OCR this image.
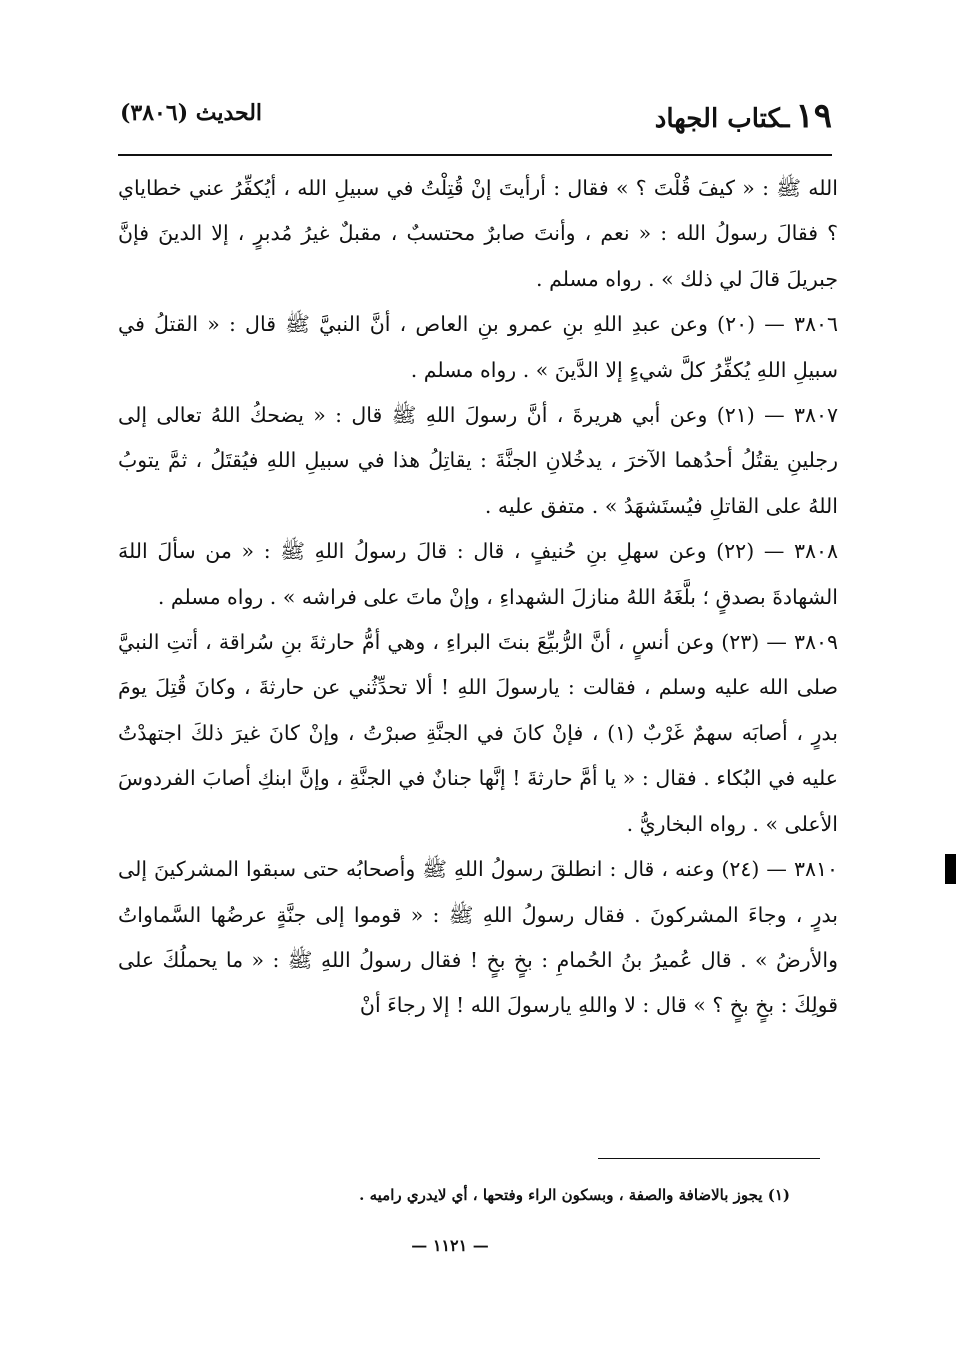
١٩ـكتاب الجهاد
الحديث (٣٨٠٦)

الله ﷺ : « كيفَ قُلْتَ ؟ » فقال : أرأيتَ إنْ قُتِلْتُ في سبيلِ الله ، أيُكفِّرُ عني خطاياي ؟ فقالَ رسولُ الله : « نعم ، وأنتَ صابرٌ محتسبٌ ، مقبلٌ غيرُ مُدبرٍ ، إلا الدينَ فإنَّ جبريلَ قالَ لي ذلك » . رواه مسلم .

٣٨٠٦ — (٢٠) وعن عبدِ اللهِ بنِ عمرو بنِ العاص ، أنَّ النبيَّ ﷺ قال : « القتلُ في سبيلِ اللهِ يُكفِّرُ كلَّ شيءٍ إلا الدَّينَ » . رواه مسلم .

٣٨٠٧ — (٢١) وعن أبي هريرةَ ، أنَّ رسولَ اللهِ ﷺ قال : « يضحكُ اللهُ تعالى إلى رجلينِ يقتُلُ أحدُهما الآخرَ ، يدخُلانِ الجنَّةَ : يقاتِلُ هذا في سبيلِ اللهِ فيُقتَلُ ، ثمَّ يتوبُ اللهُ على القاتلِ فيُستَشهَدُ » . متفق عليه .

٣٨٠٨ — (٢٢) وعن سهلِ بنِ حُنيفٍ ، قال : قالَ رسولُ اللهِ ﷺ : « من سألَ اللهَ الشهادةَ بصدقٍ ؛ بلَّغَهُ اللهُ منازلَ الشهداءِ ، وإنْ ماتَ على فراشه » . رواه مسلم .

٣٨٠٩ — (٢٣) وعن أنسٍ ، أنَّ الرُّبيِّعَ بنتَ البراءِ ، وهي أمُّ حارثةَ بنِ سُراقة ، أتتِ النبيَّ صلى الله عليه وسلم ، فقالت : يارسولَ اللهِ ! ألا تحدِّثُني عن حارثةَ ، وكانَ قُتِلَ يومَ بدرٍ ، أصابَه سهمٌ غَرْبٌ (١) ، فإنْ كانَ في الجنَّةِ صبرْتُ ، وإنْ كانَ غيرَ ذلكَ اجتهدْتُ عليه في البُكاء . فقال : « يا أمَّ حارثةَ ! إنَّها جنانٌ في الجنَّةِ ، وإنَّ ابنكِ أصابَ الفردوسَ الأعلى » . رواه البخاريُّ .

٣٨١٠ — (٢٤) وعنه ، قال : انطلقَ رسولُ اللهِ ﷺ وأصحابُه حتى سبقوا المشركينَ إلى بدرٍ ، وجاءَ المشركونَ . فقال رسولُ اللهِ ﷺ : « قوموا إلى جنَّةٍ عرضُها السَّماواتُ والأرضُ » . قال عُميرُ بنُ الحُمامِ : بخٍ بخٍ ! فقال رسولُ اللهِ ﷺ : « ما يحملُكَ على قولِكَ : بخٍ بخٍ ؟ » قال : لا واللهِ يارسولَ الله ! إلا رجاءَ أنْ

(١) يجوز بالاضافة والصفة ، وبسكون الراء وفتحها ، أي لايدري راميه .
— ١١٢١ —
